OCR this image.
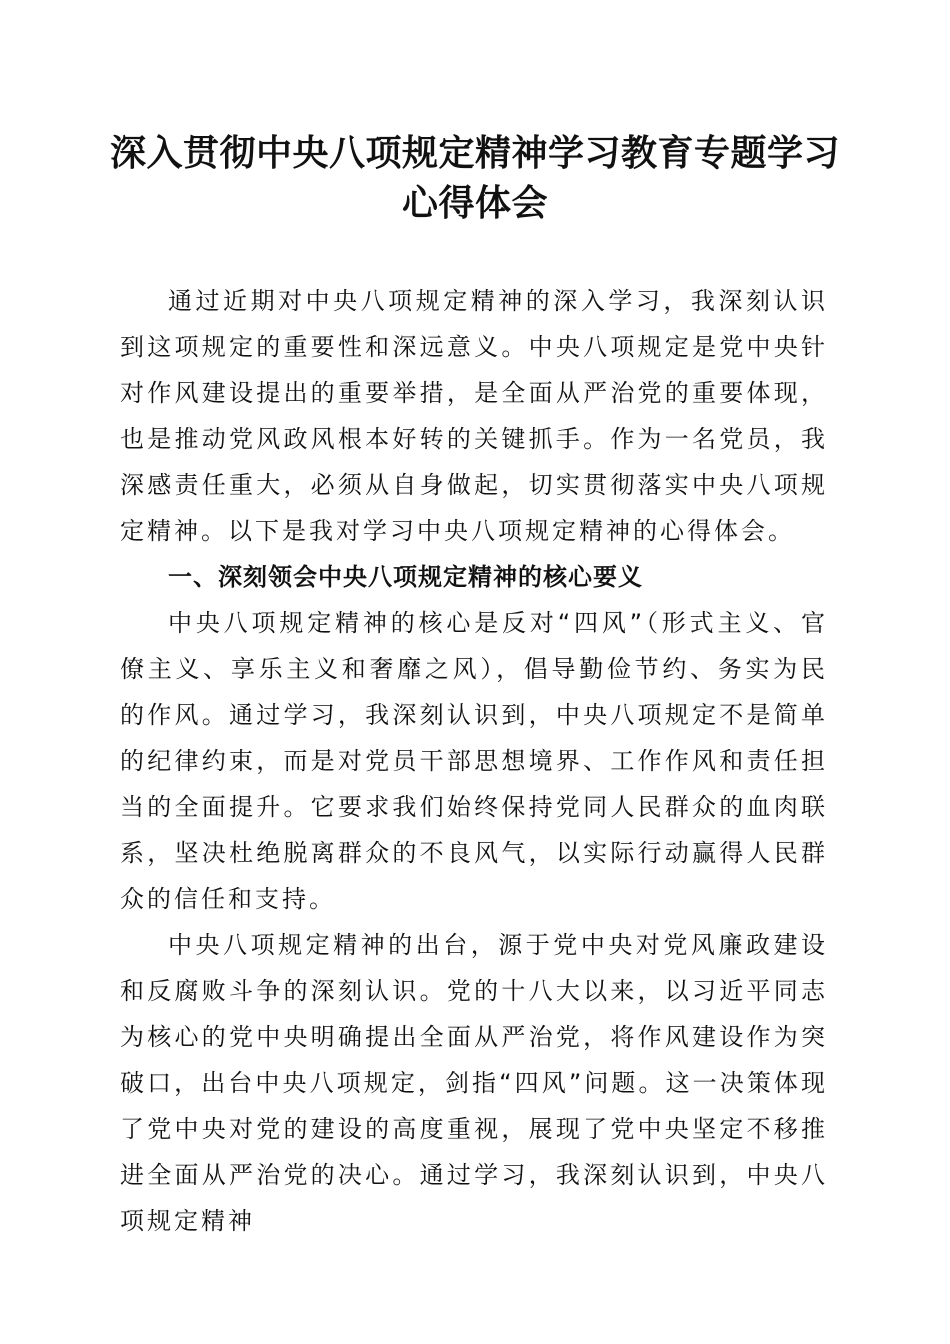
深入贯彻中央八项规定精神学习教育专题学习
心得体会

通过近期对中央八项规定精神的深入学习，我深刻认识到这项规定的重要性和深远意义。中央八项规定是党中央针对作风建设提出的重要举措，是全面从严治党的重要体现，也是推动党风政风根本好转的关键抓手。作为一名党员，我深感责任重大，必须从自身做起，切实贯彻落实中央八项规定精神。以下是我对学习中央八项规定精神的心得体会。

一、深刻领会中央八项规定精神的核心要义

中央八项规定精神的核心是反对“四风”（形式主义、官僚主义、享乐主义和奢靡之风），倡导勤俭节约、务实为民的作风。通过学习，我深刻认识到，中央八项规定不是简单的纪律约束，而是对党员干部思想境界、工作作风和责任担当的全面提升。它要求我们始终保持党同人民群众的血肉联系，坚决杜绝脱离群众的不良风气，以实际行动赢得人民群众的信任和支持。

中央八项规定精神的出台，源于党中央对党风廉政建设和反腐败斗争的深刻认识。党的十八大以来，以习近平同志为核心的党中央明确提出全面从严治党，将作风建设作为突破口，出台中央八项规定，剑指“四风”问题。这一决策体现了党中央对党的建设的高度重视，展现了党中央坚定不移推进全面从严治党的决心。通过学习，我深刻认识到，中央八项规定精神
